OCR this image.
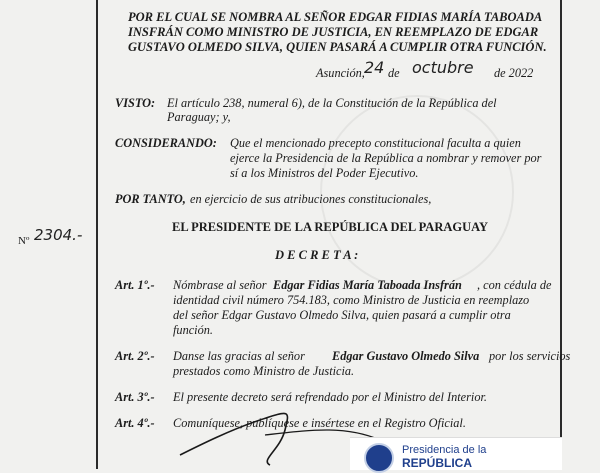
POR EL CUAL SE NOMBRA AL SEÑOR EDGAR FIDIAS MARÍA TABOADA
INSFRÁN COMO MINISTRO DE JUSTICIA, EN REEMPLAZO DE EDGAR
GUSTAVO OLMEDO SILVA, QUIEN PASARÁ A CUMPLIR OTRA FUNCIÓN.
Asunción, 24 de octubre de 2022
VISTO: El artículo 238, numeral 6), de la Constitución de la República del
Paraguay; y,
CONSIDERANDO: Que el mencionado precepto constitucional faculta a quien
ejerce la Presidencia de la República a nombrar y remover por
sí a los Ministros del Poder Ejecutivo.
POR TANTO, en ejercicio de sus atribuciones constitucionales,
Nº 2304.-	EL PRESIDENTE DE LA REPÚBLICA DEL PARAGUAY
D E C R E T A :
Art. 1º.- Nómbrase al señor Edgar Fidias María Taboada Insfrán , con cédula de
identidad civil número 754.183, como Ministro de Justicia en reemplazo
del señor Edgar Gustavo Olmedo Silva, quien pasará a cumplir otra
función.
Art. 2º.- Danse las gracias al señor Edgar Gustavo Olmedo Silva por los servicios
prestados como Ministro de Justicia.
Art. 3º.- El presente decreto será refrendado por el Ministro del Interior.
Art. 4º.- Comuníquese, publíquese e insértese en el Registro Oficial.
Presidencia de la
REPÚBLICA
